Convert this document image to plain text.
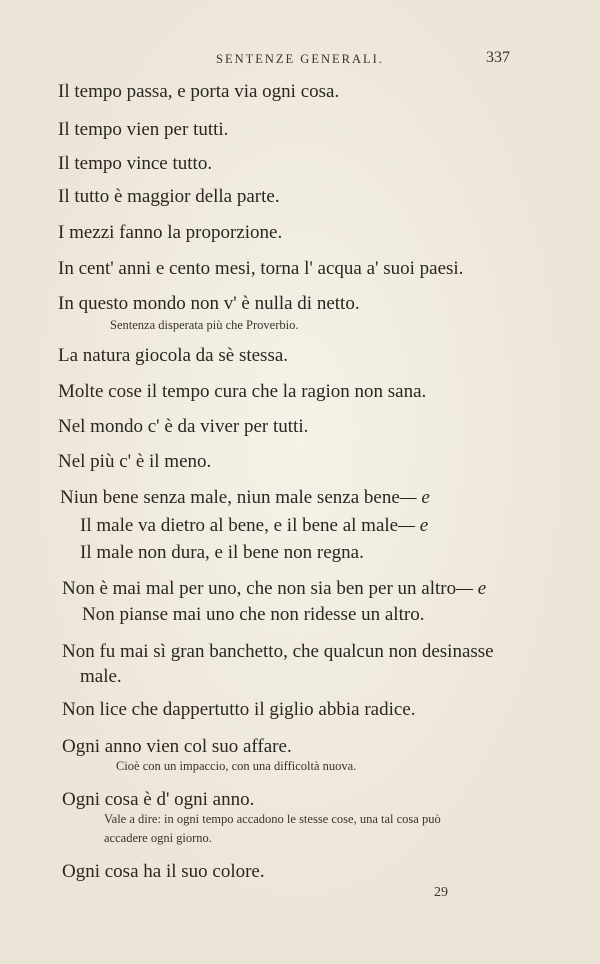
SENTENZE GENERALI.	337
Il tempo passa, e porta via ogni cosa.
Il tempo vien per tutti.
Il tempo vince tutto.
Il tutto è maggior della parte.
I mezzi fanno la proporzione.
In cent' anni e cento mesi, torna l' acqua a' suoi paesi.
In questo mondo non v' è nulla di netto.
Sentenza disperata più che Proverbio.
La natura giocola da sè stessa.
Molte cose il tempo cura che la ragion non sana.
Nel mondo c' è da viver per tutti.
Nel più c' è il meno.
Niun bene senza male, niun male senza bene— e
Il male va dietro al bene, e il bene al male— e
Il male non dura, e il bene non regna.
Non è mai mal per uno, che non sia ben per un altro— e
Non pianse mai uno che non ridesse un altro.
Non fu mai sì gran banchetto, che qualcun non desinasse
male.
Non lice che dappertutto il giglio abbia radice.
Ogni anno vien col suo affare.
Cioè con un impaccio, con una difficoltà nuova.
Ogni cosa è d' ogni anno.
Vale a dire: in ogni tempo accadono le stesse cose, una tal cosa può
accadere ogni giorno.
Ogni cosa ha il suo colore.
29
